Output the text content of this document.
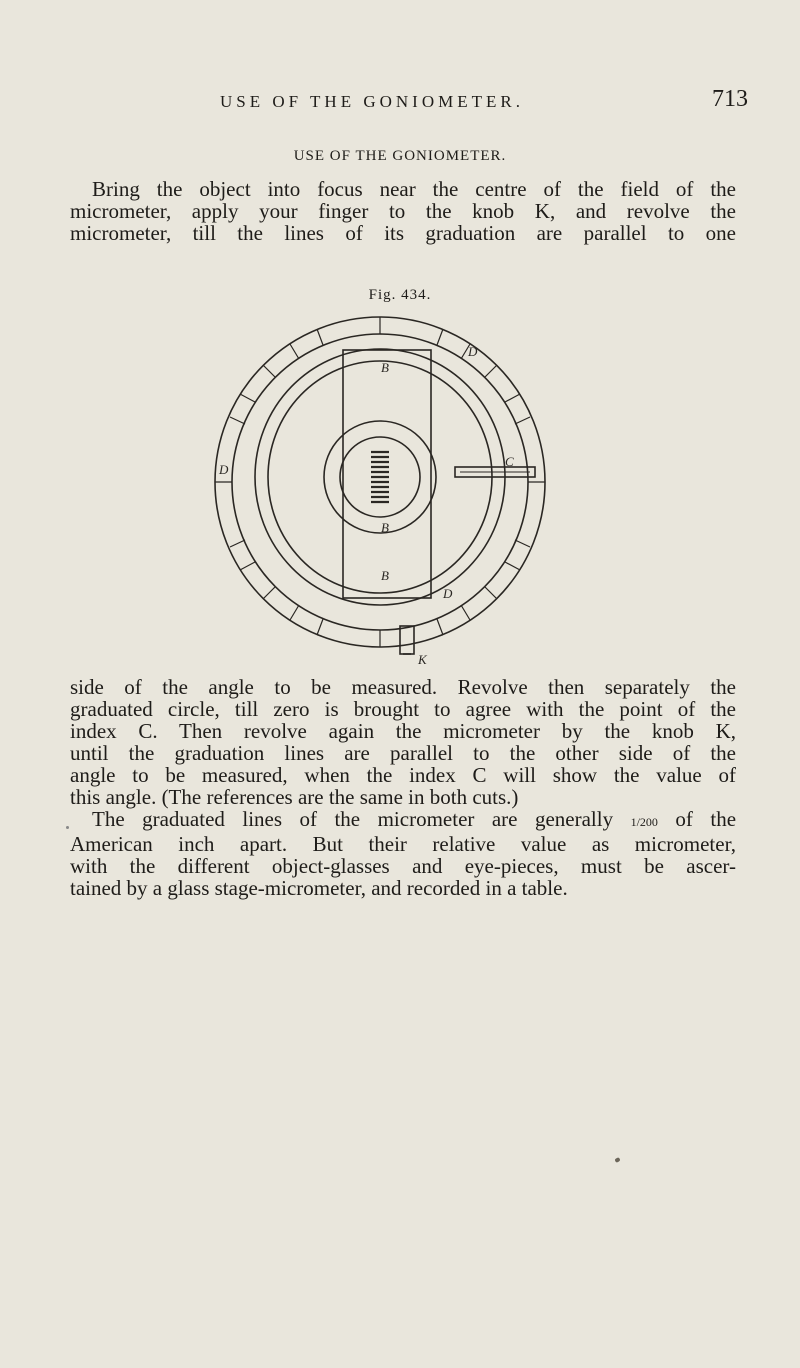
USE OF THE GONIOMETER.	713
USE OF THE GONIOMETER.
Bring the object into focus near the centre of the field of the
micrometer, apply your finger to the knob K, and revolve the
micrometer, till the lines of its graduation are parallel to one
Fig. 434.
B
B
B
D
D
D
C
K
side of the angle to be measured. Revolve then separately the
graduated circle, till zero is brought to agree with the point of the
index C. Then revolve again the micrometer by the knob K,
until the graduation lines are parallel to the other side of the
angle to be measured, when the index C will show the value of
this angle. (The references are the same in both cuts.)
The graduated lines of the micrometer are generally 1/200 of the
American inch apart. But their relative value as micrometer,
with the different object-glasses and eye-pieces, must be ascer-
tained by a glass stage-micrometer, and recorded in a table.
